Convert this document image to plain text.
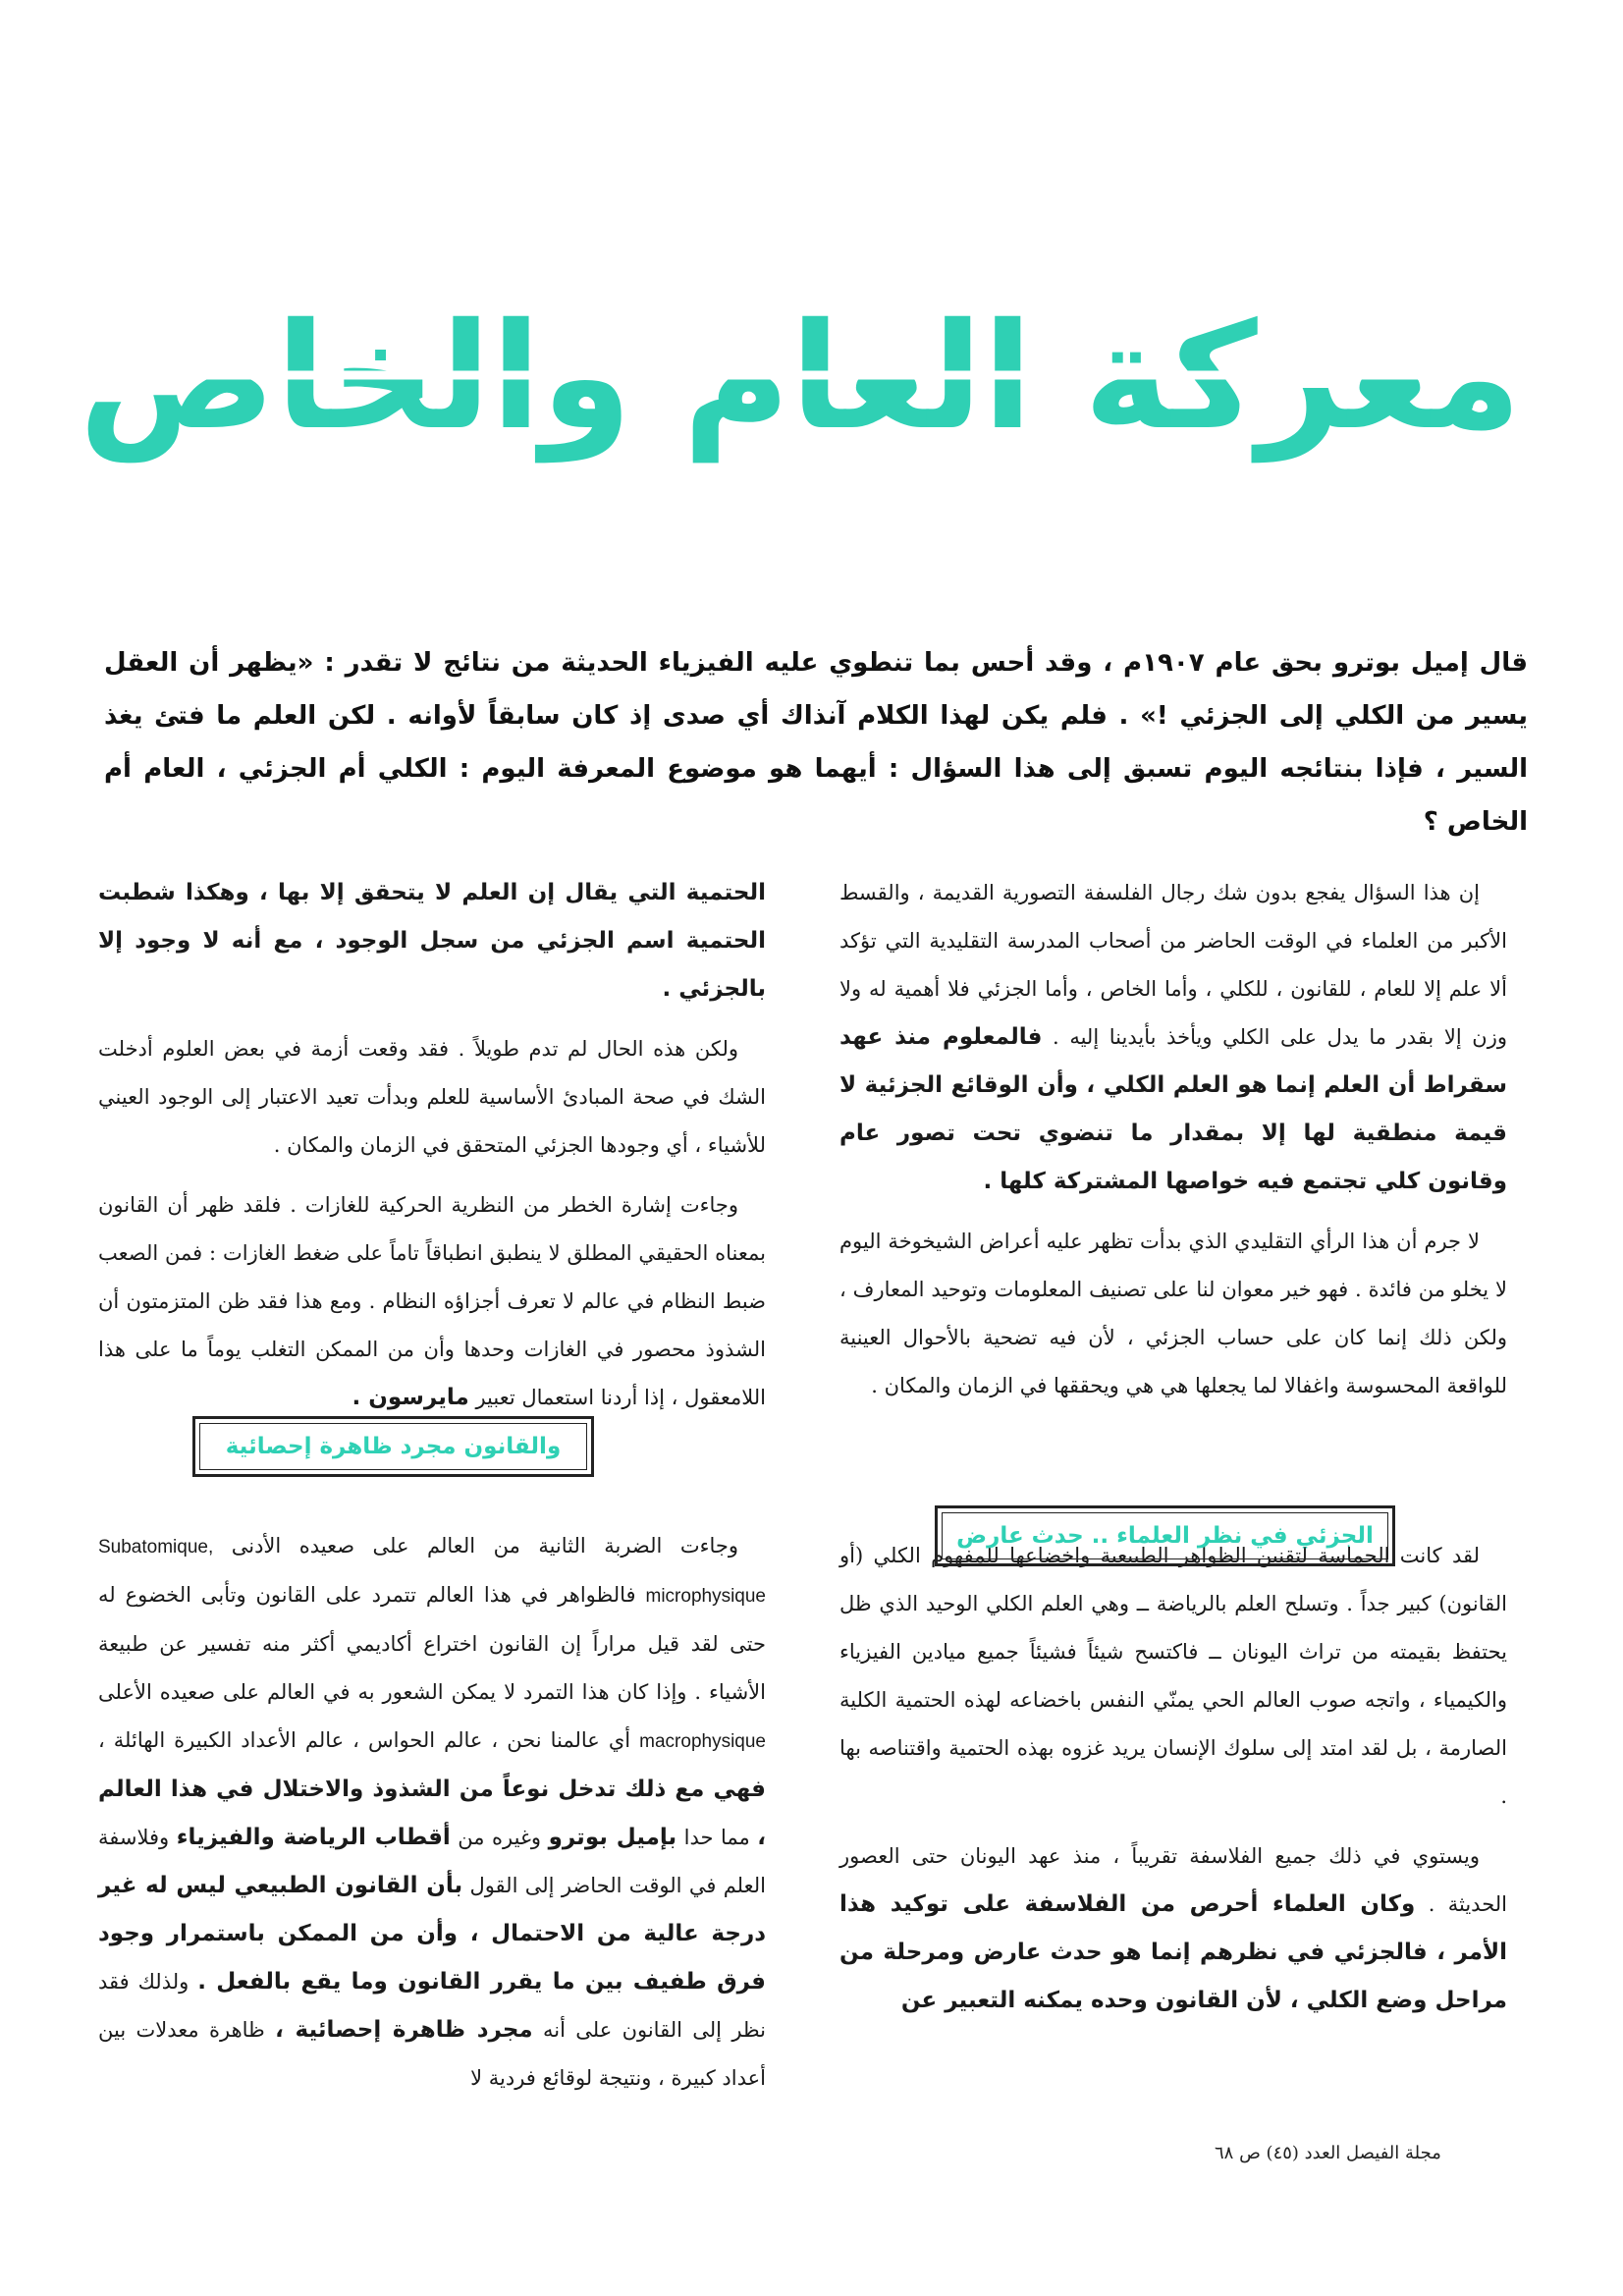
معركة العام والخاص
قال إميل بوترو بحق عام ١٩٠٧م ، وقد أحس بما تنطوي عليه الفيزياء الحديثة من نتائج لا تقدر : «يظهر أن العقل يسير من الكلي إلى الجزئي !» . فلم يكن لهذا الكلام آنذاك أي صدى إذ كان سابقاً لأوانه . لكن العلم ما فتئ يغذ السير ، فإذا بنتائجه اليوم تسبق إلى هذا السؤال : أيهما هو موضوع المعرفة اليوم : الكلي أم الجزئي ، العام أم الخاص ؟

إن هذا السؤال يفجع بدون شك رجال الفلسفة التصورية القديمة ، والقسط الأكبر من العلماء في الوقت الحاضر من أصحاب المدرسة التقليدية التي تؤكد ألا علم إلا للعام ، للقانون ، للكلي ، وأما الخاص ، وأما الجزئي فلا أهمية له ولا وزن إلا بقدر ما يدل على الكلي ويأخذ بأيدينا إليه . فالمعلوم منذ عهد سقراط أن العلم إنما هو العلم الكلي ، وأن الوقائع الجزئية لا قيمة منطقية لها إلا بمقدار ما تنضوي تحت تصور عام وقانون كلي تجتمع فيه خواصها المشتركة كلها .

لا جرم أن هذا الرأي التقليدي الذي بدأت تظهر عليه أعراض الشيخوخة اليوم لا يخلو من فائدة . فهو خير معوان لنا على تصنيف المعلومات وتوحيد المعارف ، ولكن ذلك إنما كان على حساب الجزئي ، لأن فيه تضحية بالأحوال العينية للواقعة المحسوسة واغفالا لما يجعلها هي هي ويحققها في الزمان والمكان .

لقد كانت الحماسة لتقنين الظواهر الطبيعية واخضاعها للمفهوم الكلي (أو القانون) كبير جداً . وتسلح العلم بالرياضة ــ وهي العلم الكلي الوحيد الذي ظل يحتفظ بقيمته من تراث اليونان ــ فاكتسح شيئاً فشيئاً جميع ميادين الفيزياء والكيمياء ، واتجه صوب العالم الحي يمنّي النفس باخضاعه لهذه الحتمية الكلية الصارمة ، بل لقد امتد إلى سلوك الإنسان يريد غزوه بهذه الحتمية واقتناصه بها .

ويستوي في ذلك جميع الفلاسفة تقريباً ، منذ عهد اليونان حتى العصور الحديثة . وكان العلماء أحرص من الفلاسفة على توكيد هذا الأمر ، فالجزئي في نظرهم إنما هو حدث عارض ومرحلة من مراحل وضع الكلي ، لأن القانون وحده يمكنه التعبير عن

الجزئي في نظر العلماء .. حدث عارض

الحتمية التي يقال إن العلم لا يتحقق إلا بها ، وهكذا شطبت الحتمية اسم الجزئي من سجل الوجود ، مع أنه لا وجود إلا بالجزئي .

ولكن هذه الحال لم تدم طويلاً . فقد وقعت أزمة في بعض العلوم أدخلت الشك في صحة المبادئ الأساسية للعلم وبدأت تعيد الاعتبار إلى الوجود العيني للأشياء ، أي وجودها الجزئي المتحقق في الزمان والمكان .

وجاءت إشارة الخطر من النظرية الحركية للغازات . فلقد ظهر أن القانون بمعناه الحقيقي المطلق لا ينطبق انطباقاً تاماً على ضغط الغازات : فمن الصعب ضبط النظام في عالم لا تعرف أجزاؤه النظام . ومع هذا فقد ظن المتزمتون أن الشذوذ محصور في الغازات وحدها وأن من الممكن التغلب يوماً ما على هذا اللامعقول ، إذا أردنا استعمال تعبير مايرسون .

وجاءت الضربة الثانية من العالم على صعيده الأدنى Subatomique, microphysique فالظواهر في هذا العالم تتمرد على القانون وتأبى الخضوع له حتى لقد قيل مراراً إن القانون اختراع أكاديمي أكثر منه تفسير عن طبيعة الأشياء . وإذا كان هذا التمرد لا يمكن الشعور به في العالم على صعيده الأعلى macrophysique أي عالمنا نحن ، عالم الحواس ، عالم الأعداد الكبيرة الهائلة ، فهي مع ذلك تدخل نوعاً من الشذوذ والاختلال في هذا العالم ، مما حدا بإميل بوترو وغيره من أقطاب الرياضة والفيزياء وفلاسفة العلم في الوقت الحاضر إلى القول بأن القانون الطبيعي ليس له غير درجة عالية من الاحتمال ، وأن من الممكن باستمرار وجود فرق طفيف بين ما يقرر القانون وما يقع بالفعل . ولذلك فقد نظر إلى القانون على أنه مجرد ظاهرة إحصائية ، ظاهرة معدلات بين أعداد كبيرة ، ونتيجة لوقائع فردية لا

والقانون مجرد ظاهرة إحصائية
مجلة الفيصل العدد (٤٥) ص ٦٨
